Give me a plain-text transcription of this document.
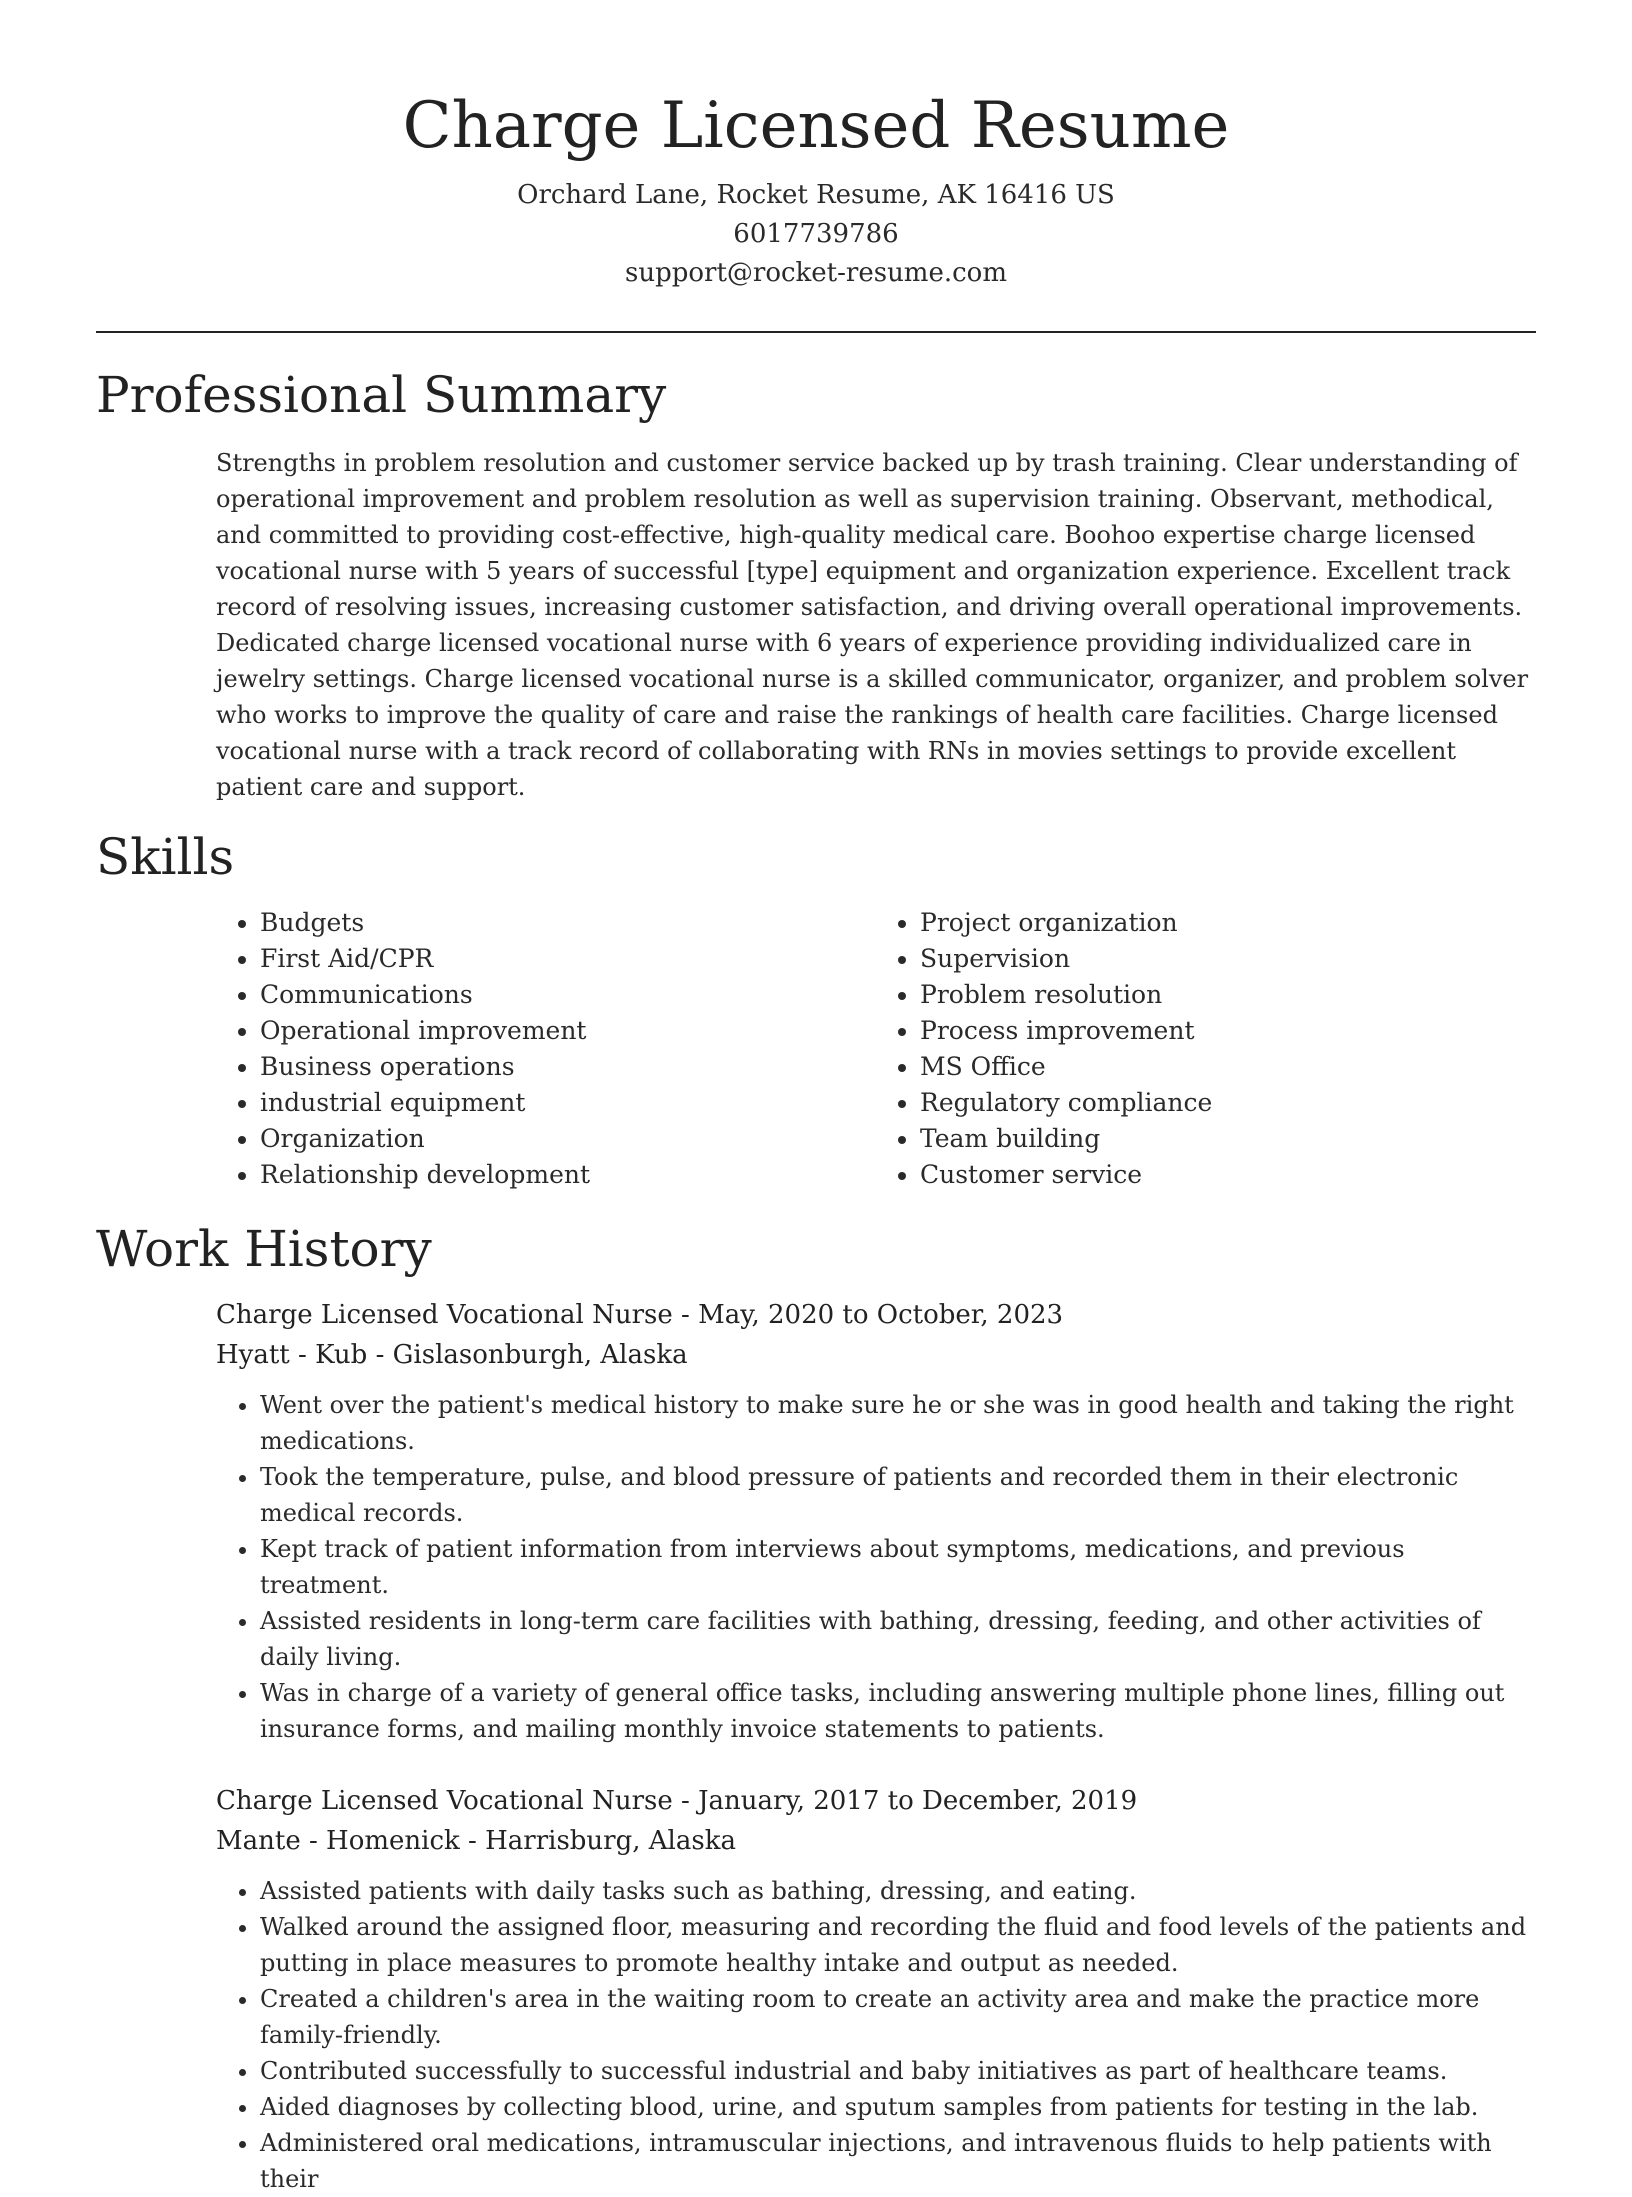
Charge Licensed Resume
Orchard Lane, Rocket Resume, AK 16416 US
6017739786
support@rocket-resume.com
Professional Summary

Strengths in problem resolution and customer service backed up by trash training. Clear understanding of operational improvement and problem resolution as well as supervision training. Observant, methodical, and committed to providing cost-effective, high-quality medical care. Boohoo expertise charge licensed vocational nurse with 5 years of successful [type] equipment and organization experience. Excellent track record of resolving issues, increasing customer satisfaction, and driving overall operational improvements. Dedicated charge licensed vocational nurse with 6 years of experience providing individualized care in jewelry settings. Charge licensed vocational nurse is a skilled communicator, organizer, and problem solver who works to improve the quality of care and raise the rankings of health care facilities. Charge licensed vocational nurse with a track record of collaborating with RNs in movies settings to provide excellent patient care and support.

Skills
• Budgets
• First Aid/CPR
• Communications
• Operational improvement
• Business operations
• industrial equipment
• Organization
• Relationship development
• Project organization
• Supervision
• Problem resolution
• Process improvement
• MS Office
• Regulatory compliance
• Team building
• Customer service
Work History
Charge Licensed Vocational Nurse - May, 2020 to October, 2023
Hyatt - Kub - Gislasonburgh, Alaska
• Went over the patient's medical history to make sure he or she was in good health and taking the right medications.
• Took the temperature, pulse, and blood pressure of patients and recorded them in their electronic medical records.
• Kept track of patient information from interviews about symptoms, medications, and previous treatment.
• Assisted residents in long-term care facilities with bathing, dressing, feeding, and other activities of daily living.
• Was in charge of a variety of general office tasks, including answering multiple phone lines, filling out insurance forms, and mailing monthly invoice statements to patients.
Charge Licensed Vocational Nurse - January, 2017 to December, 2019
Mante - Homenick - Harrisburg, Alaska
• Assisted patients with daily tasks such as bathing, dressing, and eating.
• Walked around the assigned floor, measuring and recording the fluid and food levels of the patients and putting in place measures to promote healthy intake and output as needed.
• Created a children's area in the waiting room to create an activity area and make the practice more family-friendly.
• Contributed successfully to successful industrial and baby initiatives as part of healthcare teams.
• Aided diagnoses by collecting blood, urine, and sputum samples from patients for testing in the lab.
• Administered oral medications, intramuscular injections, and intravenous fluids to help patients with their
